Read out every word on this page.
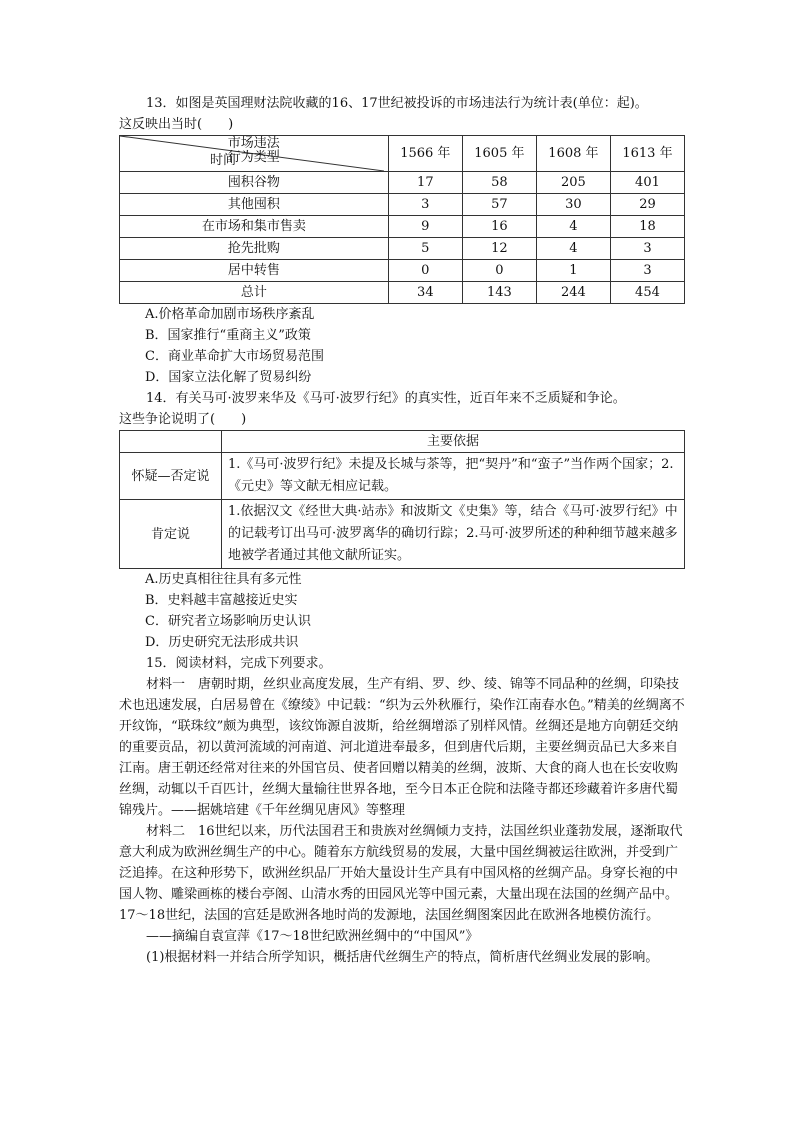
13．如图是英国理财法院收藏的16、17世纪被投诉的市场违法行为统计表(单位：起)。

这反映出当时(　　)

时间
市场违法
行为类型	1566 年	1605 年	1608 年	1613 年
囤积谷物	17	58	205	401
其他囤积	3	57	30	29
在市场和集市售卖	9	16	4	18
抢先批购	5	12	4	3
居中转售	0	0	1	3
总计	34	143	244	454

A.价格革命加剧市场秩序紊乱

B．国家推行“重商主义”政策

C．商业革命扩大市场贸易范围

D．国家立法化解了贸易纠纷

14．有关马可·波罗来华及《马可·波罗行纪》的真实性，近百年来不乏质疑和争论。

这些争论说明了(　　)

	主要依据
怀疑—否定说	1.《马可·波罗行纪》未提及长城与茶等，把“契丹”和“蛮子”当作两个国家；2.《元史》等文献无相应记载。
肯定说	1.依据汉文《经世大典·站赤》和波斯文《史集》等，结合《马可·波罗行纪》中的记载考订出马可·波罗离华的确切行踪；2.马可·波罗所述的种种细节越来越多地被学者通过其他文献所证实。

A.历史真相往往具有多元性

B．史料越丰富越接近史实

C．研究者立场影响历史认识

D．历史研究无法形成共识

15．阅读材料，完成下列要求。

材料一　唐朝时期，丝织业高度发展，生产有绢、罗、纱、绫、锦等不同品种的丝绸，印染技术也迅速发展，白居易曾在《缭绫》中记载：“织为云外秋雁行，染作江南春水色。”精美的丝绸离不开纹饰，“联珠纹”颇为典型，该纹饰源自波斯，给丝绸增添了别样风情。丝绸还是地方向朝廷交纳的重要贡品，初以黄河流域的河南道、河北道进奉最多，但到唐代后期，主要丝绸贡品已大多来自江南。唐王朝还经常对往来的外国官员、使者回赠以精美的丝绸，波斯、大食的商人也在长安收购丝绸，动辄以千百匹计，丝绸大量输往世界各地，至今日本正仓院和法隆寺都还珍藏着许多唐代蜀锦残片。——据姚培建《千年丝绸见唐风》等整理

材料二　16世纪以来，历代法国君王和贵族对丝绸倾力支持，法国丝织业蓬勃发展，逐渐取代意大利成为欧洲丝绸生产的中心。随着东方航线贸易的发展，大量中国丝绸被运往欧洲，并受到广泛追捧。在这种形势下，欧洲丝织品厂开始大量设计生产具有中国风格的丝绸产品。身穿长袍的中国人物、雕梁画栋的楼台亭阁、山清水秀的田园风光等中国元素，大量出现在法国的丝绸产品中。17～18世纪，法国的宫廷是欧洲各地时尚的发源地，法国丝绸图案因此在欧洲各地模仿流行。

——摘编自袁宣萍《17～18世纪欧洲丝绸中的“中国风”》

(1)根据材料一并结合所学知识，概括唐代丝绸生产的特点，简析唐代丝绸业发展的影响。
